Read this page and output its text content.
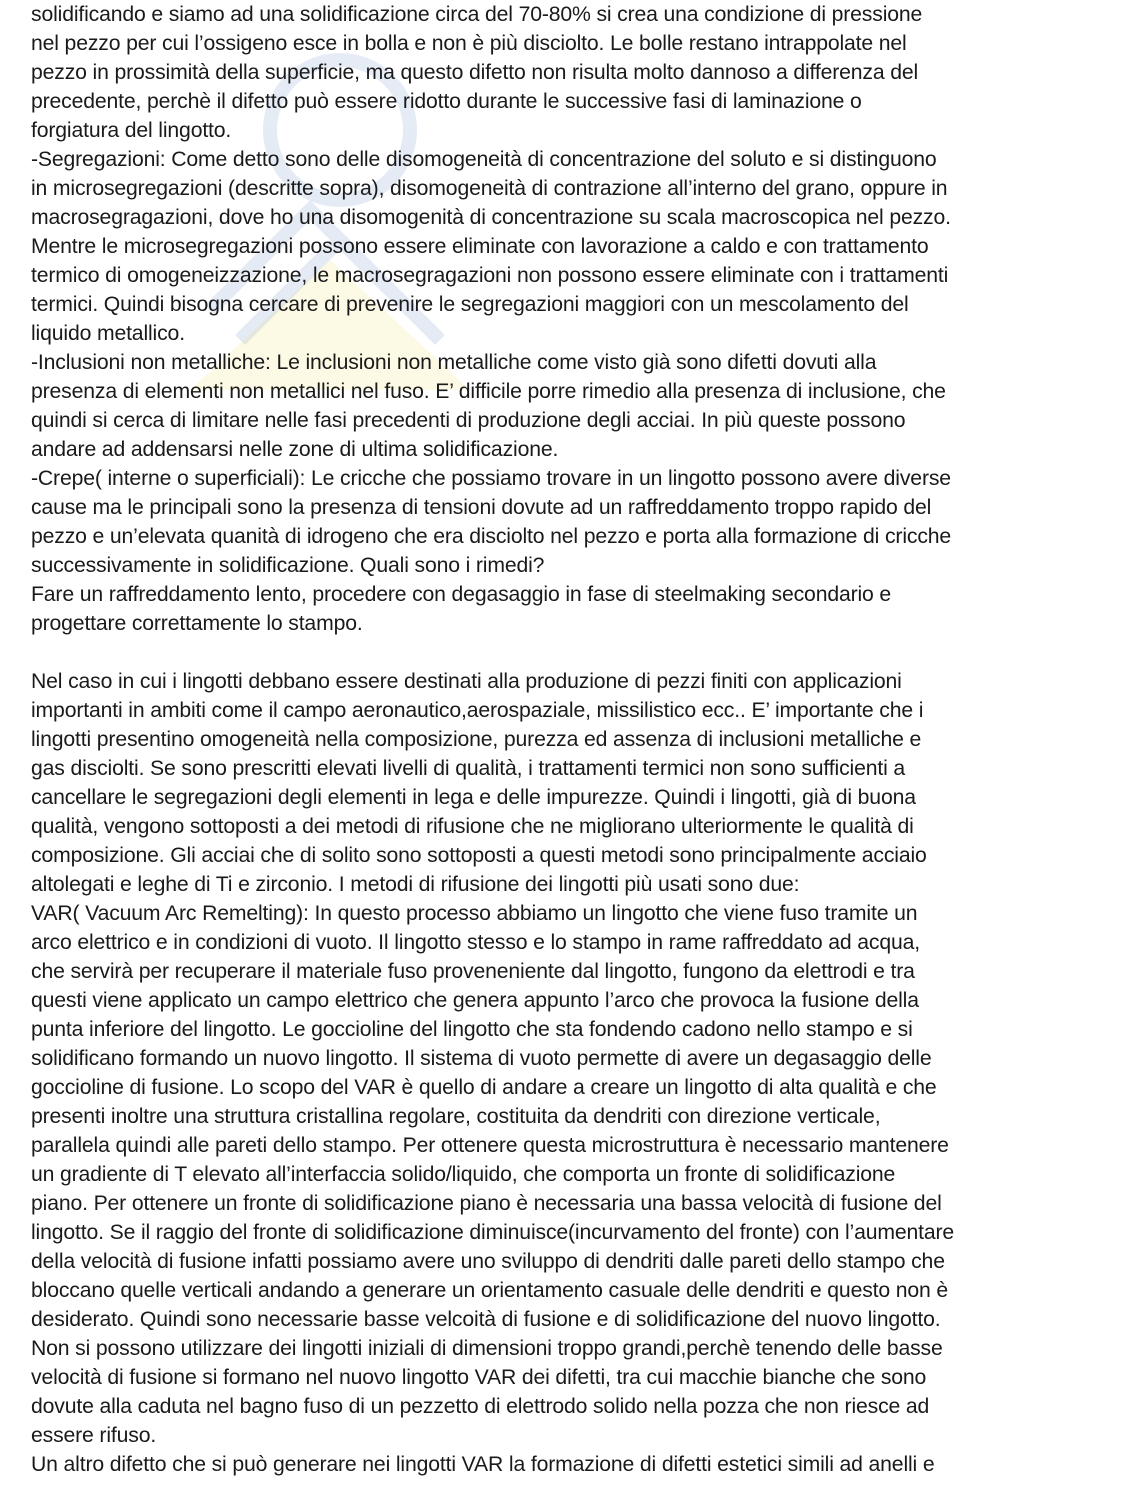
solidificando e siamo ad una solidificazione circa del 70-80% si crea una condizione di pressione
nel pezzo per cui l’ossigeno esce in bolla e non è più disciolto. Le bolle restano intrappolate nel
pezzo in prossimità della superficie, ma questo difetto non risulta molto dannoso a differenza del
precedente, perchè il difetto può essere ridotto durante le successive fasi di laminazione o
forgiatura del lingotto.
-Segregazioni: Come detto sono delle disomogeneità di concentrazione del soluto e si distinguono
in microsegregazioni (descritte sopra), disomogeneità di contrazione all’interno del grano, oppure in
macrosegragazioni, dove ho una disomogenità di concentrazione su scala macroscopica nel pezzo.
Mentre le microsegregazioni possono essere eliminate con lavorazione a caldo e con trattamento
termico di omogeneizzazione, le macrosegragazioni non possono essere eliminate con i trattamenti
termici. Quindi bisogna cercare di prevenire le segregazioni maggiori con un mescolamento del
liquido metallico.
-Inclusioni non metalliche: Le inclusioni non metalliche come visto già sono difetti dovuti alla
presenza di elementi non metallici nel fuso. E’ difficile porre rimedio alla presenza di inclusione, che
quindi si cerca di limitare nelle fasi precedenti di produzione degli acciai. In più queste possono
andare ad addensarsi nelle zone di ultima solidificazione.
-Crepe( interne o superficiali): Le cricche che possiamo trovare in un lingotto possono avere diverse
cause ma le principali sono la presenza di tensioni dovute ad un raffreddamento troppo rapido del
pezzo e un’elevata quanità di idrogeno che era disciolto nel pezzo e porta alla formazione di cricche
successivamente in solidificazione. Quali sono i rimedi?
Fare un raffreddamento lento, procedere con degasaggio in fase di steelmaking secondario e
progettare correttamente lo stampo.
Nel caso in cui i lingotti debbano essere destinati alla produzione di pezzi finiti con applicazioni
importanti in ambiti come il campo aeronautico,aerospaziale, missilistico ecc.. E’ importante che i
lingotti presentino omogeneità nella composizione, purezza ed assenza di inclusioni metalliche e
gas disciolti. Se sono prescritti elevati livelli di qualità, i trattamenti termici non sono sufficienti a
cancellare le segregazioni degli elementi in lega e delle impurezze. Quindi i lingotti, già di buona
qualità, vengono sottoposti a dei metodi di rifusione che ne migliorano ulteriormente le qualità di
composizione. Gli acciai che di solito sono sottoposti a questi metodi sono principalmente acciaio
altolegati e leghe di Ti e zirconio. I metodi di rifusione dei lingotti più usati sono due:
VAR( Vacuum Arc Remelting): In questo processo abbiamo un lingotto che viene fuso tramite un
arco elettrico e in condizioni di vuoto. Il lingotto stesso e lo stampo in rame raffreddato ad acqua,
che servirà per recuperare il materiale fuso proveneniente dal lingotto, fungono da elettrodi e tra
questi viene applicato un campo elettrico che genera appunto l’arco che provoca la fusione della
punta inferiore del lingotto. Le goccioline del lingotto che sta fondendo cadono nello stampo e si
solidificano formando un nuovo lingotto. Il sistema di vuoto permette di avere un degasaggio delle
goccioline di fusione. Lo scopo del VAR è quello di andare a creare un lingotto di alta qualità e che
presenti inoltre una struttura cristallina regolare, costituita da dendriti con direzione verticale,
parallela quindi alle pareti dello stampo. Per ottenere questa microstruttura è necessario mantenere
un gradiente di T elevato all’interfaccia solido/liquido, che comporta un fronte di solidificazione
piano. Per ottenere un fronte di solidificazione piano è necessaria una bassa velocità di fusione del
lingotto. Se il raggio del fronte di solidificazione diminuisce(incurvamento del fronte) con l’aumentare
della velocità di fusione infatti possiamo avere uno sviluppo di dendriti dalle pareti dello stampo che
bloccano quelle verticali andando a generare un orientamento casuale delle dendriti e questo non è
desiderato. Quindi sono necessarie basse velcoità di fusione e di solidificazione del nuovo lingotto.
Non si possono utilizzare dei lingotti iniziali di dimensioni troppo grandi,perchè tenendo delle basse
velocità di fusione si formano nel nuovo lingotto VAR dei difetti, tra cui macchie bianche che sono
dovute alla caduta nel bagno fuso di un pezzetto di elettrodo solido nella pozza che non riesce ad
essere rifuso.
Un altro difetto che si può generare nei lingotti VAR la formazione di difetti estetici simili ad anelli e
